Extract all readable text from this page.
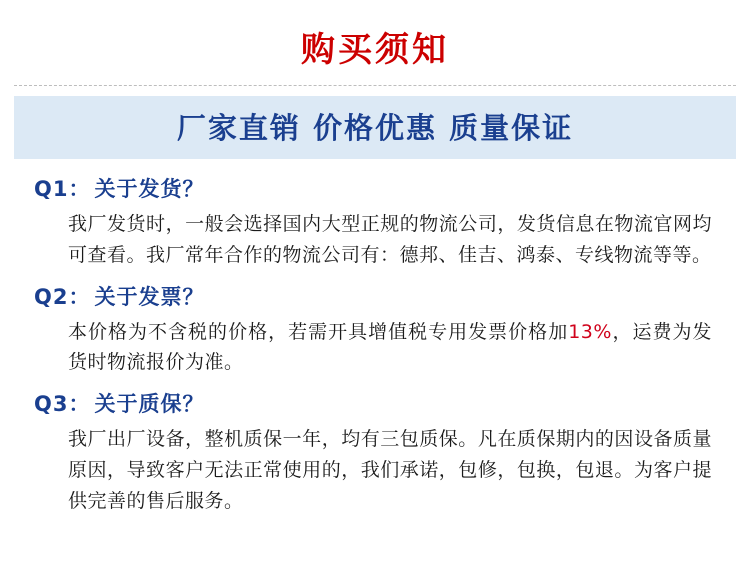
购买须知
厂家直销 价格优惠 质量保证
Q1： 关于发货？
我厂发货时，一般会选择国内大型正规的物流公司，发货信息在物流官网均可查看。我厂常年合作的物流公司有：德邦、佳吉、鸿泰、专线物流等等。
Q2： 关于发票？
本价格为不含税的价格，若需开具增值税专用发票价格加13%，运费为发货时物流报价为准。
Q3： 关于质保？
我厂出厂设备，整机质保一年，均有三包质保。凡在质保期内的因设备质量原因，导致客户无法正常使用的，我们承诺，包修，包换，包退。为客户提供完善的售后服务。
